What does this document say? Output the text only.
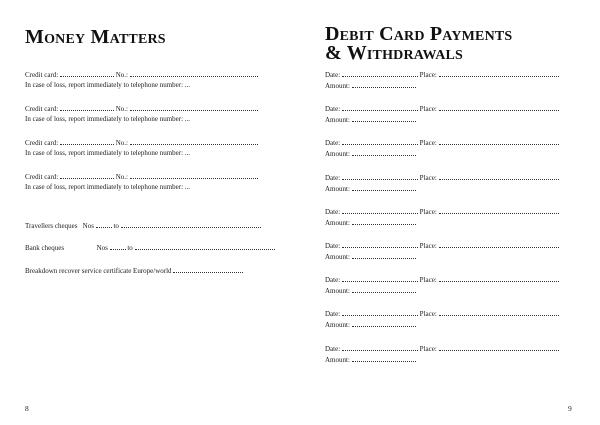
Money Matters
Credit card:	No.:
In case of loss, report immediately to telephone number: ...
Credit card:	No.:
In case of loss, report immediately to telephone number: ...
Credit card:	No.:
In case of loss, report immediately to telephone number: ...
Credit card:	No.:
In case of loss, report immediately to telephone number: ...
Travellers cheques Nos	to
Bank cheques	Nos	to
Breakdown recover service certificate Europe/world
8
Debit Card Payments
& Withdrawals
Date:	Place:
Amount:
Date:	Place:
Amount:
Date:	Place:
Amount:
Date:	Place:
Amount:
Date:	Place:
Amount:
Date:	Place:
Amount:
Date:	Place:
Amount:
Date:	Place:
Amount:
Date:	Place:
Amount:
9
